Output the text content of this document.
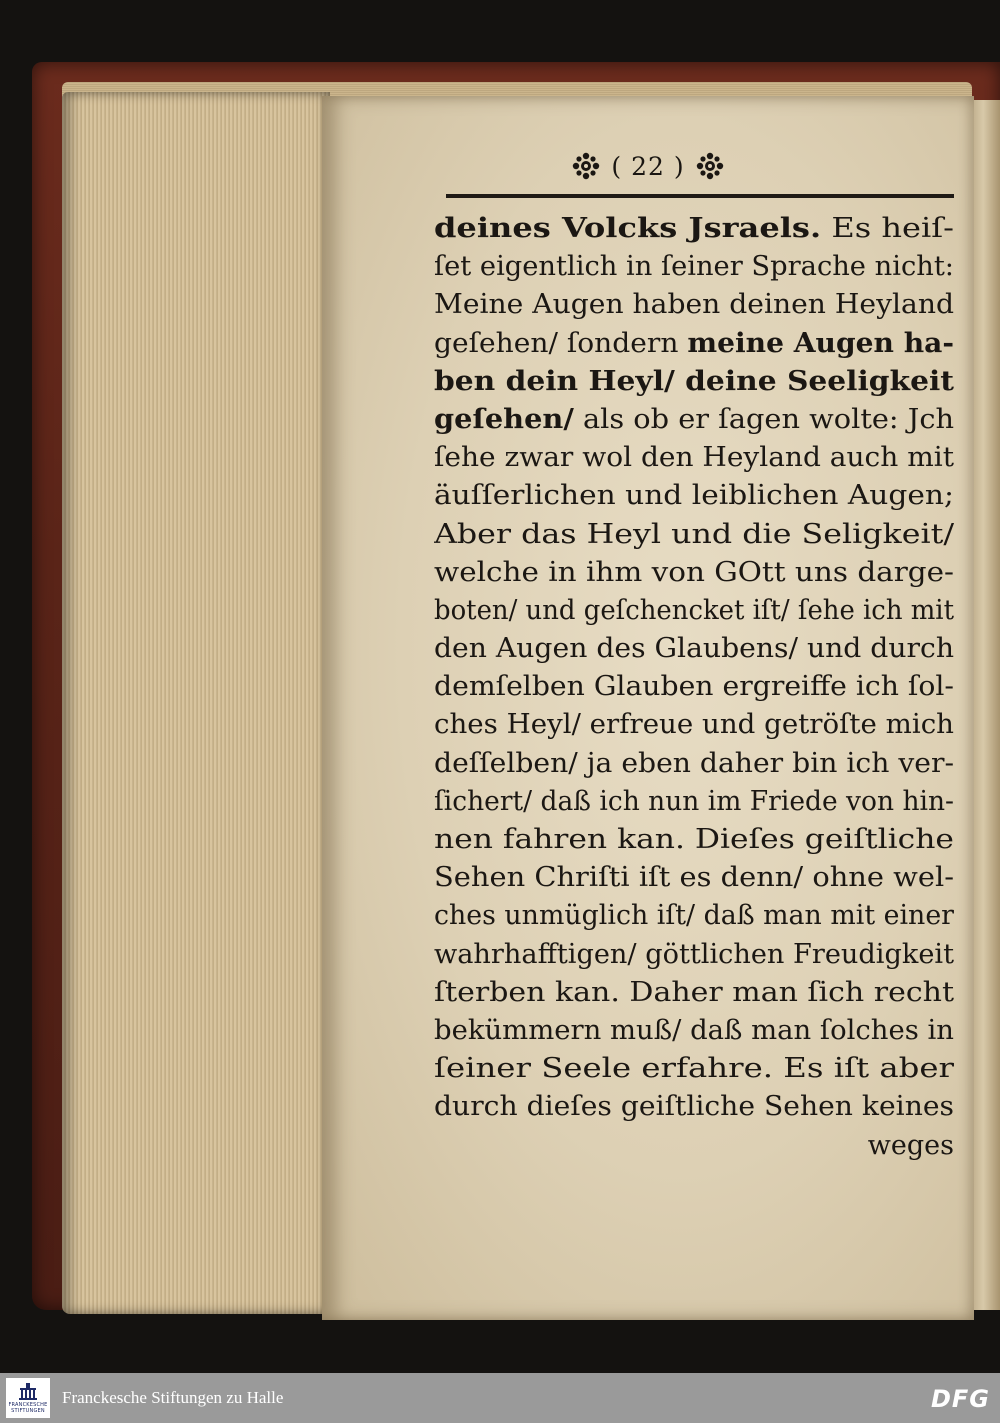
( 22 )
deines Volcks Jsraels. Es heiſ-
ſet eigentlich in ſeiner Sprache nicht:
Meine Augen haben deinen Heyland
geſehen/ ſondern meine Augen ha-
ben dein Heyl/ deine Seeligkeit
geſehen/ als ob er ſagen wolte: Jch
ſehe zwar wol den Heyland auch mit
äuſſerlichen und leiblichen Augen;
Aber das Heyl und die Seligkeit/
welche in ihm von GOtt uns darge-
boten/ und geſchencket iſt/ ſehe ich mit
den Augen des Glaubens/ und durch
demſelben Glauben ergreiffe ich ſol-
ches Heyl/ erfreue und getröſte mich
deſſelben/ ja eben daher bin ich ver-
ſichert/ daß ich nun im Friede von hin-
nen fahren kan. Dieſes geiſtliche
Sehen Chriſti iſt es denn/ ohne wel-
ches unmüglich iſt/ daß man mit einer
wahrhafftigen/ göttlichen Freudigkeit
ſterben kan. Daher man ſich recht
bekümmern muß/ daß man ſolches in
ſeiner Seele erfahre. Es iſt aber
durch dieſes geiſtliche Sehen keines
weges
FRANCKESCHE
STIFTUNGEN
Franckesche Stiftungen zu Halle	DFG
